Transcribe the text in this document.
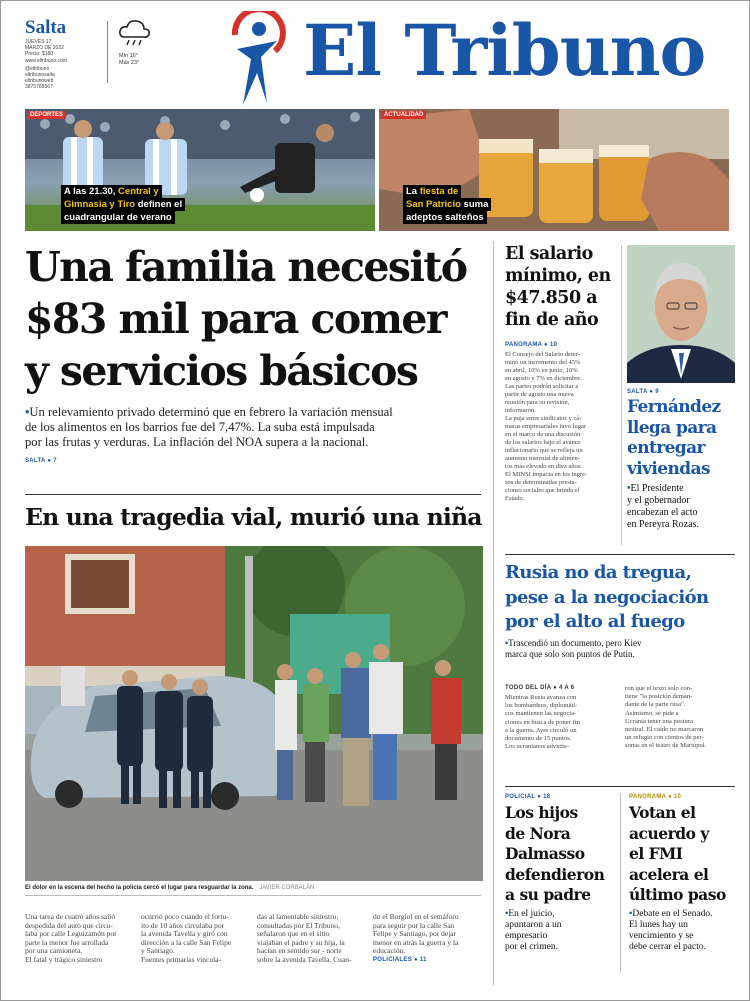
Salta
JUEVES 17
MARZO DE 2022
Precio: $180
www.eltribuno.com
@eltribuno
eltribunosalta
eltribunoweb
3875789567
Mín 16°
Máx 23° El Tribuno
DEPORTES
A las 21.30, Central y
Gimnasia y Tiro definen el
cuadrangular de verano
ACTUALIDAD
La fiesta de
San Patricio suma
adeptos salteños
Una familia necesitó
$83 mil para comer
y servicios básicos
•Un relevamiento privado determinó que en febrero la variación mensual
de los alimentos en los barrios fue del 7,47%. La suba está impulsada
por las frutas y verduras. La inflación del NOA supera a la nacional.
SALTA ● 7
En una tragedia vial, murió una niña
El dolor en la escena del hecho la policía cercó el lugar para resguardar la zona. JAVIER CORBALÁN
Una tarea de cuatro años salió
despedida del auto que circu-
laba por calle Leguizamón por
parte la menor fue arrollada
por una camioneta.
El fatal y trágico siniestro
ocurrió poco cuando el fortu-
ito de 10 años circulaba por
la avenida Tavella y giró con
dirección a la calle San Felipe
y Santiago.
Fuentes primarias vincula-
das al lamentable siniestro,
consultadas por El Tribuno,
señalaron que en el sitio
viajaban el padre y su hija, la
hacían en sentido sur - norte
sobre la avenida Tavella. Cuan-
do el Borgiol en el semáforo
para seguir por la calle San
Felipe y Santiago, por dejar
menor en atrás la guerra y la
educación.
POLICIALES ● 11
El salario
mínimo, en
$47.850 a
fin de año
PANORAMA ● 10
El Consejo del Salario deter-
minó un incremento del 45%
en abril, 10% en junio, 10%
en agosto y 7% en diciembre.
Las partes podrán solicitar a
partir de agosto una nueva
reunión para su revisión,
informaron.
La puja entre sindicatos y cá-
maras empresariales tuvo lugar
en el marco de una discusión
de los salarios bajo el avance
inflacionario que se refleja un
aumento mensual de alimen-
tos más elevado en diez años.
El MINSI impacta en los ingre-
sos de determinadas presta-
ciones sociales que brinda el
Estado.
SALTA ● 9
Fernández
llega para
entregar
viviendas
•El Presidente
y el gobernador
encabezan el acto
en Pereyra Rozas.
Rusia no da tregua,
pese a la negociación
por el alto al fuego
•Trascendió un documento, pero Kiev
marca que solo son puntos de Putin.
TODO DEL DÍA ● 4 A 6
Mientras Rusia avanza con
los bombardeos, diplomáti-
cos mantienen las negocia-
ciones en busca de poner fin
a la guerra. Ayer circuló un
documento de 15 puntos.
Los ucranianos advirtie-
ron que el texto solo con-
tiene "la posición deman-
dante de la parte rusa".
Asimismo, se pide a
Ucrania tener una postura
neutral. El caído no marcaron
un refugio con cientos de per-
sonas en el teatro de Mariúpol.
POLICIAL ● 18
Los hijos
de Nora
Dalmasso
defendieron
a su padre
•En el juicio,
apuntaron a un
empresario
por el crimen.
PANORAMA ● 10
Votan el
acuerdo y
el FMI
acelera el
último paso
•Debate en el Senado.
El lunes hay un
vencimiento y se
debe cerrar el pacto.
